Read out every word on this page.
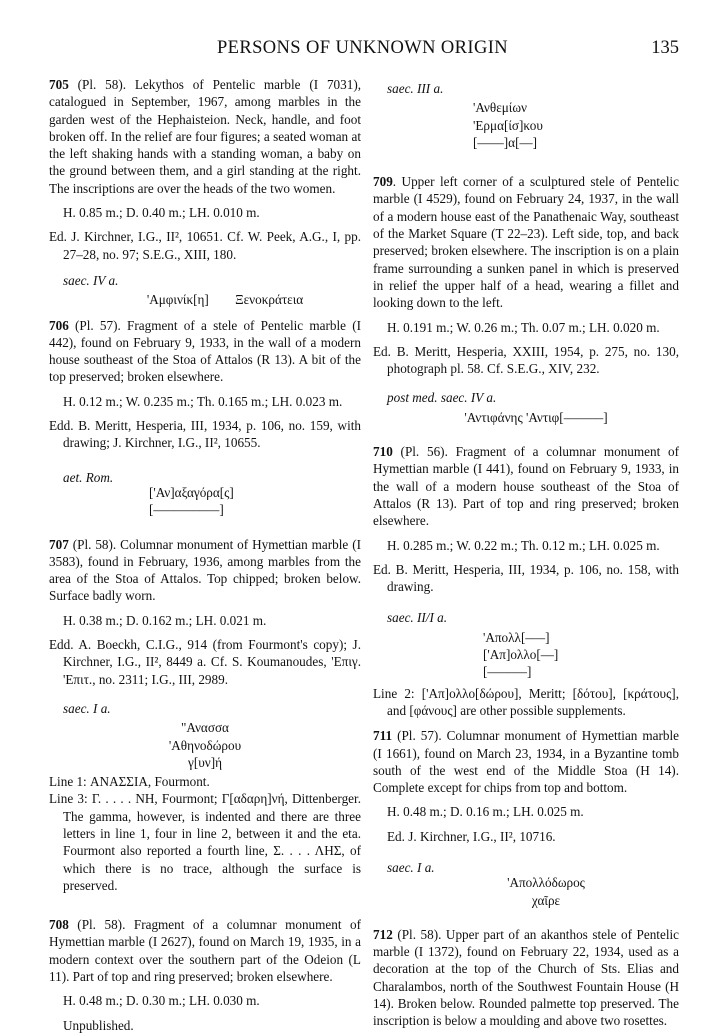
PERSONS OF UNKNOWN ORIGIN	135

705 (Pl. 58). Lekythos of Pentelic marble (I 7031), catalogued in September, 1967, among marbles in the garden west of the Hephaisteion. Neck, handle, and foot broken off. In the relief are four figures; a seated woman at the left shaking hands with a standing woman, a baby on the ground between them, and a girl standing at the right. The inscriptions are over the heads of the two women.

H. 0.85 m.; D. 0.40 m.; LH. 0.010 m.

Ed. J. Kirchner, I.G., II², 10651. Cf. W. Peek, A.G., I, pp. 27–28, no. 97; S.E.G., XIII, 180.

saec. IV a.

'Αμφινίκ[η]        Ξενοκράτεια

706 (Pl. 57). Fragment of a stele of Pentelic marble (I 442), found on February 9, 1933, in the wall of a modern house southeast of the Stoa of Attalos (R 13). A bit of the top preserved; broken elsewhere.

H. 0.12 m.; W. 0.235 m.; Th. 0.165 m.; LH. 0.023 m.

Edd. B. Meritt, Hesperia, III, 1934, p. 106, no. 159, with drawing; J. Kirchner, I.G., II², 10655.

aet. Rom.

['Αν]αξαγόρα[ς]
[––––––––––]

707 (Pl. 58). Columnar monument of Hymettian marble (I 3583), found in February, 1936, among marbles from the area of the Stoa of Attalos. Top chipped; broken below. Surface badly worn.

H. 0.38 m.; D. 0.162 m.; LH. 0.021 m.

Edd. A. Boeckh, C.I.G., 914 (from Fourmont's copy); J. Kirchner, I.G., II², 8449 a. Cf. S. Koumanoudes, 'Επιγ. 'Επιτ., no. 2311; I.G., III, 2989.

saec. I a.

"Ανασσα
'Αθηνοδώρου
γ[υν]ή

Line 1: ΑΝΑΣΣΙΑ, Fourmont.

Line 3: Γ. . . . . ΝΗ, Fourmont; Γ[αδαρη]νή, Dittenberger. The gamma, however, is indented and there are three letters in line 1, four in line 2, between it and the eta. Fourmont also reported a fourth line, Σ. . . . ΛΗΣ, of which there is no trace, although the surface is preserved.

708 (Pl. 58). Fragment of a columnar monument of Hymettian marble (I 2627), found on March 19, 1935, in a modern context over the southern part of the Odeion (L 11). Part of top and ring preserved; broken elsewhere.

H. 0.48 m.; D. 0.30 m.; LH. 0.030 m.

Unpublished.

saec. III a.

'Ανθεμίων
'Ερμα[ίσ]κου
[––––]α[––]

709. Upper left corner of a sculptured stele of Pentelic marble (I 4529), found on February 24, 1937, in the wall of a modern house east of the Panathenaic Way, southeast of the Market Square (T 22–23). Left side, top, and back preserved; broken elsewhere. The inscription is on a plain frame surrounding a sunken panel in which is preserved in relief the upper half of a head, wearing a fillet and looking down to the left.

H. 0.191 m.; W. 0.26 m.; Th. 0.07 m.; LH. 0.020 m.

Ed. B. Meritt, Hesperia, XXIII, 1954, p. 275, no. 130, photograph pl. 58. Cf. S.E.G., XIV, 232.

post med. saec. IV a.

'Αντιφάνης 'Αντιφ[––––––]

710 (Pl. 56). Fragment of a columnar monument of Hymettian marble (I 441), found on February 9, 1933, in the wall of a modern house southeast of the Stoa of Attalos (R 13). Part of top and ring preserved; broken elsewhere.

H. 0.285 m.; W. 0.22 m.; Th. 0.12 m.; LH. 0.025 m.

Ed. B. Meritt, Hesperia, III, 1934, p. 106, no. 158, with drawing.

saec. II/I a.

'Απολλ[–––]
['Απ]ολλο[––]
[––––––]

Line 2: ['Απ]ολλο[δώρου], Meritt; [δότου], [κράτους], and [φάνους] are other possible supplements.

711 (Pl. 57). Columnar monument of Hymettian marble (I 1661), found on March 23, 1934, in a Byzantine tomb south of the west end of the Middle Stoa (H 14). Complete except for chips from top and bottom.

H. 0.48 m.; D. 0.16 m.; LH. 0.025 m.

Ed. J. Kirchner, I.G., II², 10716.

saec. I a.

'Απολλόδωρος
χαῖρε

712 (Pl. 58). Upper part of an akanthos stele of Pentelic marble (I 1372), found on February 22, 1934, used as a decoration at the top of the Church of Sts. Elias and Charalambos, north of the Southwest Fountain House (H 14). Broken below. Rounded palmette top preserved. The inscription is below a moulding and above two rosettes.
